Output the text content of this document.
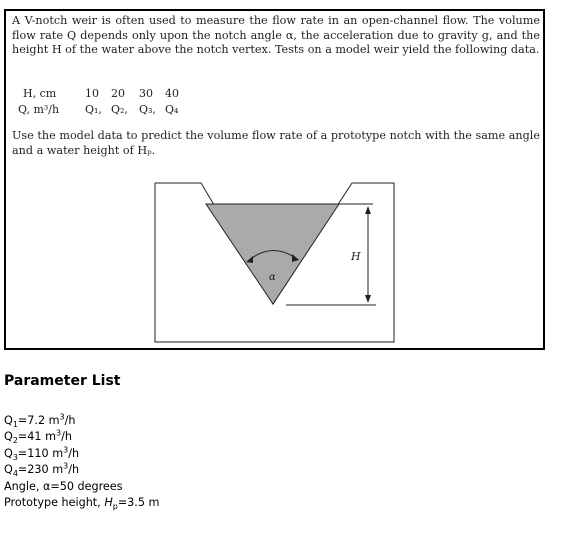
A V-notch weir is often used to measure the flow rate in an open-channel flow. The volume flow rate Q depends only upon the notch angle α, the acceleration due to gravity g, and the height H of the water above the notch vertex. Tests on a model weir yield the following data.
H, cm	10 20 30 40
Q, m³/h Q₁, Q₂, Q₃, Q₄
Use the model data to predict the volume flow rate of a prototype notch with the same angle and a water height of Hₚ.
H
α
Parameter List
$Q_1=7.2$ $m^3/h$
$Q_2=41$ $m^3/h$
$Q_3=110$ $m^3/h$
$Q_4=230$ $m^3/h$
Angle, α=50 degrees
Prototype height, $H_p=3.5$ m
